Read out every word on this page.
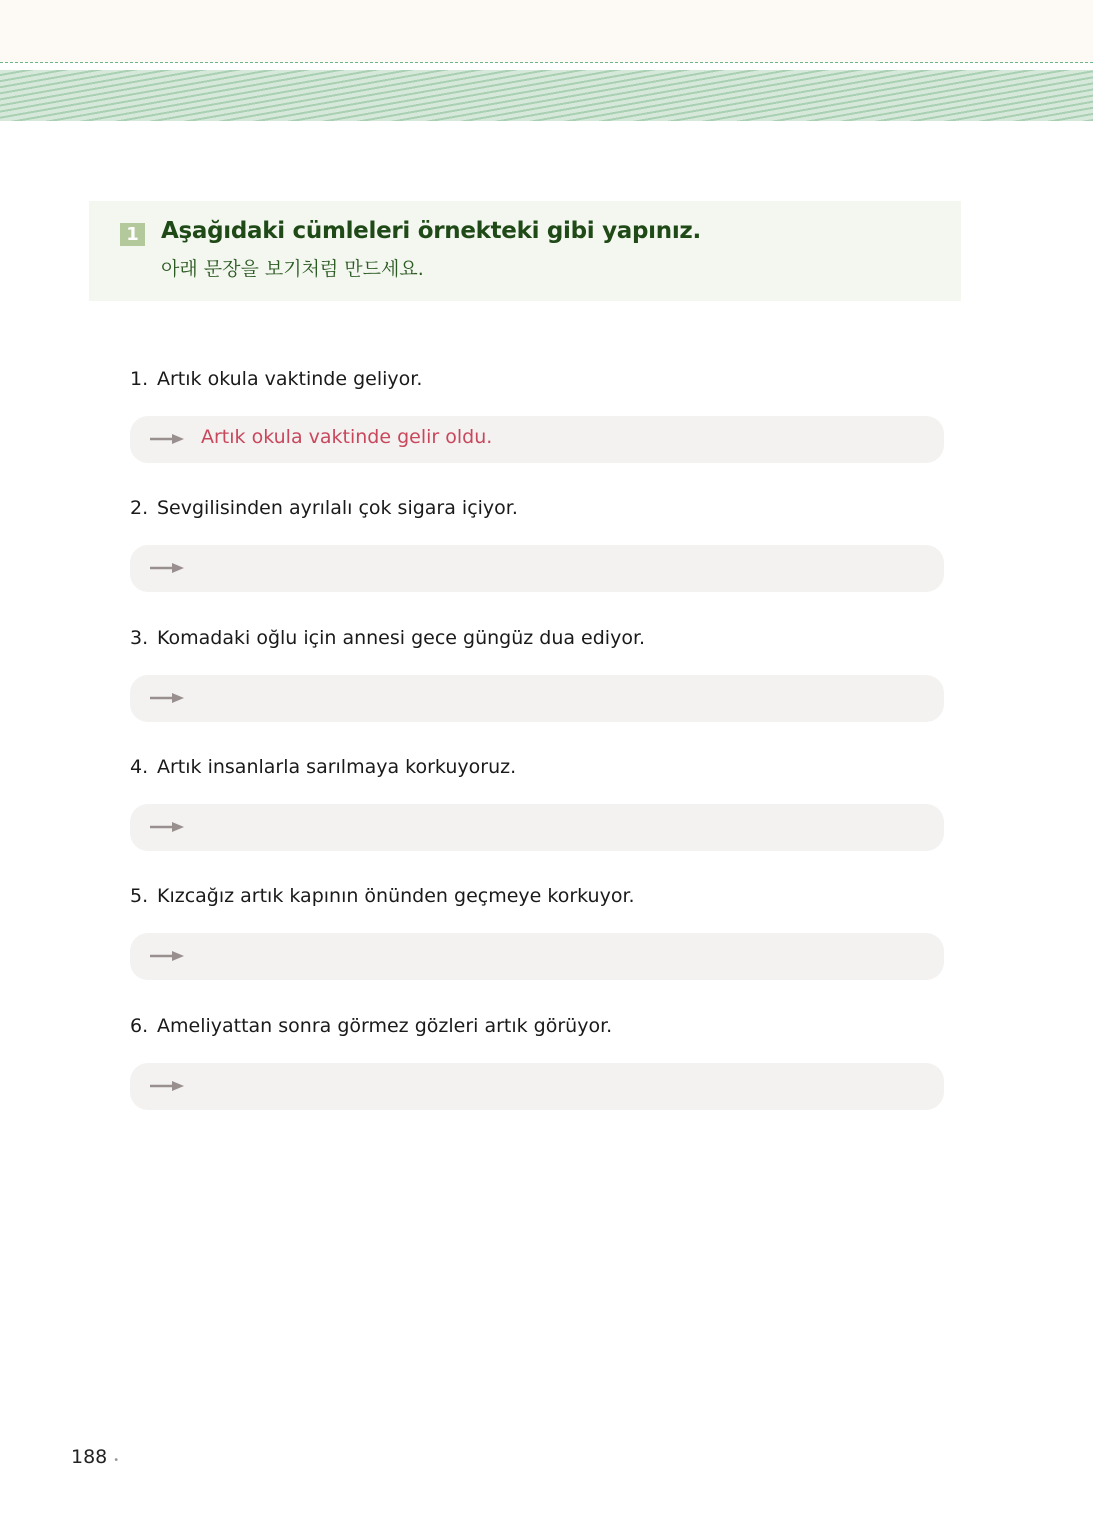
1 Aşağıdaki cümleleri örnekteki gibi yapınız.
아래 문장을 보기처럼 만드세요.
1. Artık okula vaktinde geliyor.
Artık okula vaktinde gelir oldu.
2. Sevgilisinden ayrılalı çok sigara içiyor.
3. Komadaki oğlu için annesi gece güngüz dua ediyor.
4. Artık insanlarla sarılmaya korkuyoruz.
5. Kızcağız artık kapının önünden geçmeye korkuyor.
6. Ameliyattan sonra görmez gözleri artık görüyor.
188 •
